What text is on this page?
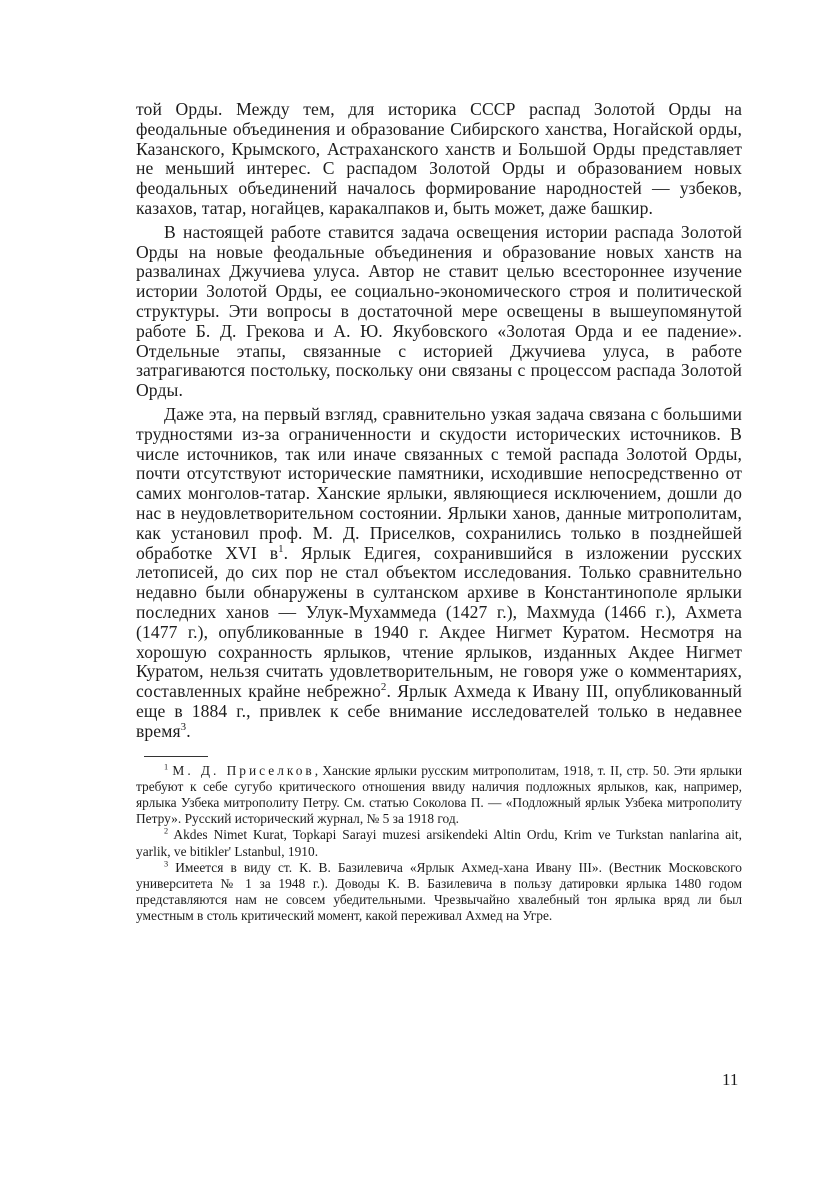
той Орды. Между тем, для историка СССР распад Золотой Орды на феодальные объединения и образование Сибирского ханства, Ногайской орды, Казанского, Крымского, Астраханского ханств и Большой Орды представляет не меньший интерес. С распадом Золотой Орды и образованием новых феодальных объединений началось формирование народностей — узбеков, казахов, татар, ногайцев, каракалпаков и, быть может, даже башкир.

В настоящей работе ставится задача освещения истории распада Золотой Орды на новые феодальные объединения и образование новых ханств на развалинах Джучиева улуса. Автор не ставит целью всестороннее изучение истории Золотой Орды, ее социально-экономического строя и политической структуры. Эти вопросы в достаточной мере освещены в вышеупомянутой работе Б. Д. Грекова и А. Ю. Якубовского «Золотая Орда и ее падение». Отдельные этапы, связанные с историей Джучиева улуса, в работе затрагиваются постольку, поскольку они связаны с процессом распада Золотой Орды.

Даже эта, на первый взгляд, сравнительно узкая задача связана с большими трудностями из-за ограниченности и скудости исторических источников. В числе источников, так или иначе связанных с темой распада Золотой Орды, почти отсутствуют исторические памятники, исходившие непосредственно от самих монголов-татар. Ханские ярлыки, являющиеся исключением, дошли до нас в неудовлетворительном состоянии. Ярлыки ханов, данные митрополитам, как установил проф. М. Д. Приселков, сохранились только в позднейшей обработке XVI $в^1$. Ярлык Едигея, сохранившийся в изложении русских летописей, до сих пор не стал объектом исследования. Только сравнительно недавно были обнаружены в султанском архиве в Константинополе ярлыки последних ханов — Улук-Мухаммеда (1427 г.), Махмуда (1466 г.), Ахмета (1477 г.), опубликованные в 1940 г. Акдее Нигмет Куратом. Несмотря на хорошую сохранность ярлыков, чтение ярлыков, изданных Акдее Нигмет Куратом, нельзя считать удовлетворительным, не говоря уже о комментариях, составленных крайне небрежно$^2$. Ярлык Ахмеда к Ивану III, опубликованный еще в 1884 г., привлек к себе внимание исследователей только в недавнее время$^3$.

$^1$ М. Д. Приселков, Ханские ярлыки русским митрополитам, 1918, т. II, стр. 50. Эти ярлыки требуют к себе сугубо критического отношения ввиду наличия подложных ярлыков, как, например, ярлыка Узбека митрополиту Петру. См. статью Соколова П. — «Подложный ярлык Узбека митрополиту Петру». Русский исторический журнал, № 5 за 1918 год.

$^2$ Akdes Nimet Kurat, Topkapi Sarayi muzesi arsikendeki Altin Ordu, Krim ve Turkstan nanlarina ait, yarlik, ve bitikler' Lstanbul, 1910.

$^3$ Имеется в виду ст. К. В. Базилевича «Ярлык Ахмед-хана Ивану III». (Вестник Московского университета № 1 за 1948 г.). Доводы К. В. Базилевича в пользу датировки ярлыка 1480 годом представляются нам не совсем убедительными. Чрезвычайно хвалебный тон ярлыка вряд ли был уместным в столь критический момент, какой переживал Ахмед на Угре.

11
